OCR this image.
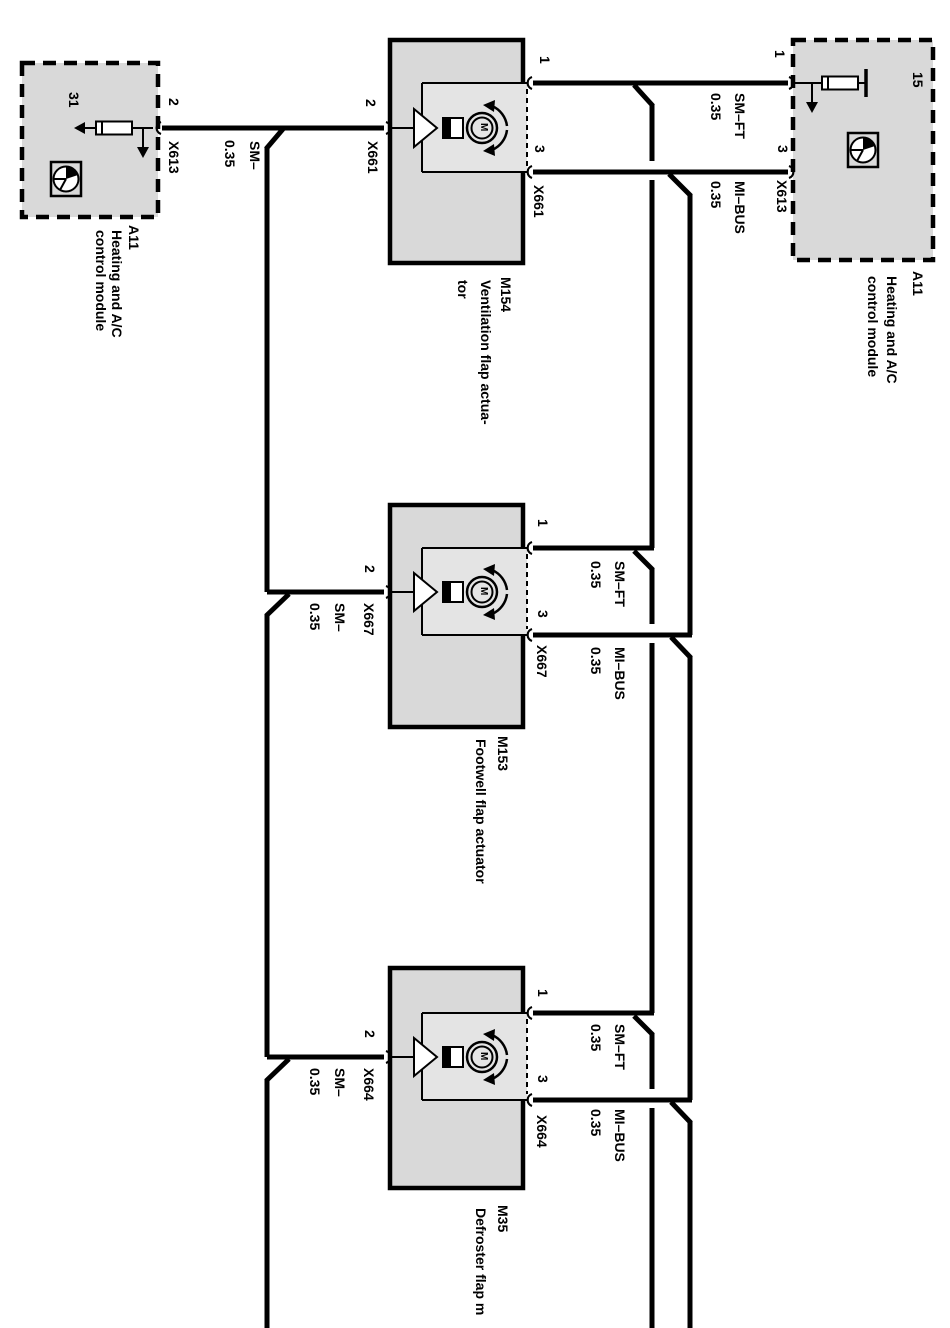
31	2
X613
A11
Heating and A/C
control module
SM–
0.35
2
X661
1
3
X661
M154
Ventilation flap actua-
tor
M
1
3
X613
15
A11
Heating and A/C
control module
SM–FT
0.35
MI–BUS
0.35
2
X667
SM–
0.35
1
3
X667
SM–FT
0.35
MI–BUS
0.35
M153
Footwell flap actuator
M
2
X664
SM–
0.35
1
3
X664
SM–FT
0.35
MI–BUS
0.35
M35
Defroster flap m
M
